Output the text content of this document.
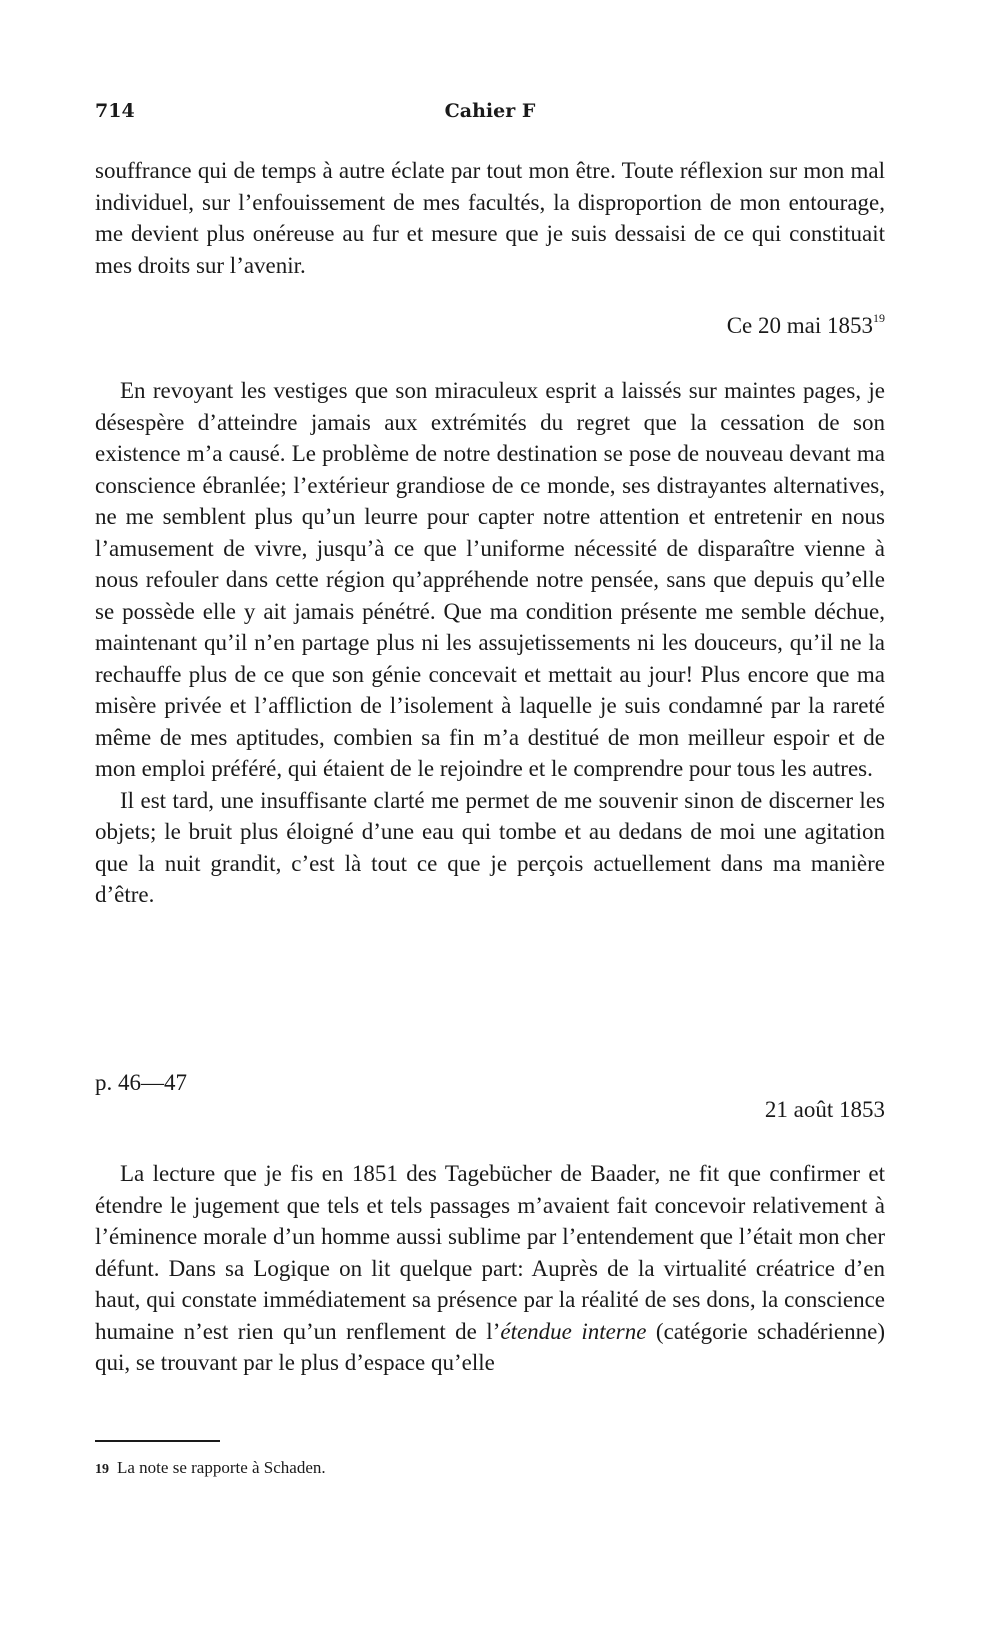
714	Cahier F

souffrance qui de temps à autre éclate par tout mon être. Toute réflexion sur mon mal individuel, sur l’enfouissement de mes facultés, la disproportion de mon entourage, me devient plus onéreuse au fur et mesure que je suis dessaisi de ce qui constituait mes droits sur l’avenir.

Ce 20 mai 1853$^{19}$

En revoyant les vestiges que son miraculeux esprit a laissés sur maintes pages, je désespère d’atteindre jamais aux extrémités du regret que la cessation de son existence m’a causé. Le problème de notre destination se pose de nouveau devant ma conscience ébranlée; l’extérieur grandiose de ce monde, ses distrayantes alternatives, ne me semblent plus qu’un leurre pour capter notre attention et entretenir en nous l’amusement de vivre, jusqu’à ce que l’uniforme nécessité de disparaître vienne à nous refouler dans cette région qu’appréhende notre pensée, sans que depuis qu’elle se possède elle y ait jamais pénétré. Que ma condition présente me semble déchue, maintenant qu’il n’en partage plus ni les assujetissements ni les douceurs, qu’il ne la rechauffe plus de ce que son génie concevait et mettait au jour! Plus encore que ma misère privée et l’affliction de l’isolement à laquelle je suis condamné par la rareté même de mes aptitudes, combien sa fin m’a destitué de mon meilleur espoir et de mon emploi préféré, qui étaient de le rejoindre et le comprendre pour tous les autres.

Il est tard, une insuffisante clarté me permet de me souvenir sinon de discerner les objets; le bruit plus éloigné d’une eau qui tombe et au dedans de moi une agitation que la nuit grandit, c’est là tout ce que je perçois actuellement dans ma manière d’être.

p. 46—47
21 août 1853

La lecture que je fis en 1851 des Tagebücher de Baader, ne fit que confirmer et étendre le jugement que tels et tels passages m’avaient fait concevoir relativement à l’éminence morale d’un homme aussi sublime par l’entendement que l’était mon cher défunt. Dans sa Logique on lit quelque part: Auprès de la virtualité créatrice d’en haut, qui constate immédiatement sa présence par la réalité de ses dons, la conscience humaine n’est rien qu’un renflement de l’étendue interne (catégorie schadérienne) qui, se trouvant par le plus d’espace qu’elle

19 La note se rapporte à Schaden.
